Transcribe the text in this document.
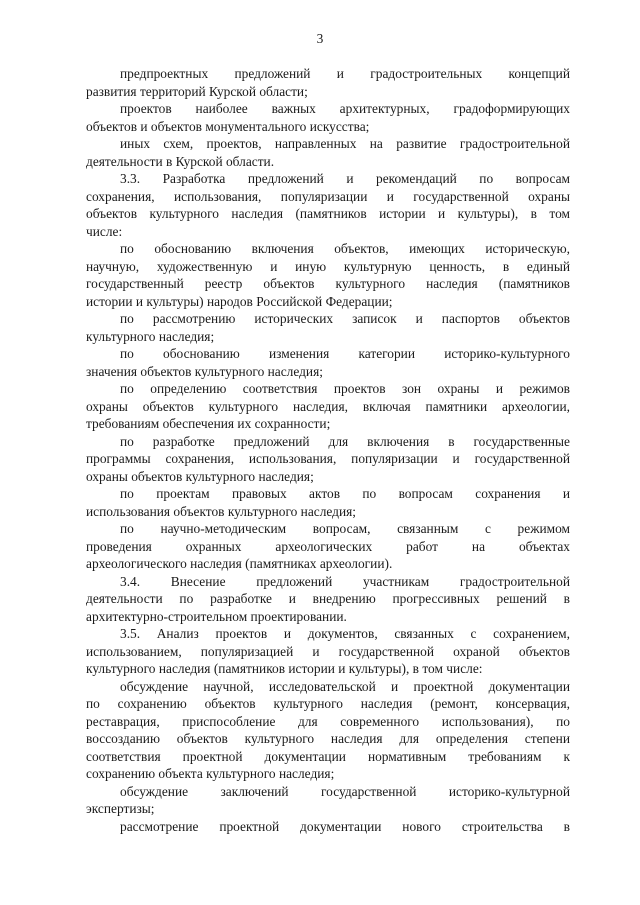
3
предпроектных предложений и градостроительных концепций
развития территорий Курской области;
проектов наиболее важных архитектурных, градоформирующих
объектов и объектов монументального искусства;
иных схем, проектов, направленных на развитие градостроительной
деятельности в Курской области.
3.3. Разработка предложений и рекомендаций по вопросам
сохранения, использования, популяризации и государственной охраны
объектов культурного наследия (памятников истории и культуры), в том
числе:
по обоснованию включения объектов, имеющих историческую,
научную, художественную и иную культурную ценность, в единый
государственный реестр объектов культурного наследия (памятников
истории и культуры) народов Российской Федерации;
по рассмотрению исторических записок и паспортов объектов
культурного наследия;
по обоснованию изменения категории историко-культурного
значения объектов культурного наследия;
по определению соответствия проектов зон охраны и режимов
охраны объектов культурного наследия, включая памятники археологии,
требованиям обеспечения их сохранности;
по разработке предложений для включения в государственные
программы сохранения, использования, популяризации и государственной
охраны объектов культурного наследия;
по проектам правовых актов по вопросам сохранения и
использования объектов культурного наследия;
по научно-методическим вопросам, связанным с режимом
проведения охранных археологических работ на объектах
археологического наследия (памятниках археологии).
3.4. Внесение предложений участникам градостроительной
деятельности по разработке и внедрению прогрессивных решений в
архитектурно-строительном проектировании.
3.5. Анализ проектов и документов, связанных с сохранением,
использованием, популяризацией и государственной охраной объектов
культурного наследия (памятников истории и культуры), в том числе:
обсуждение научной, исследовательской и проектной документации
по сохранению объектов культурного наследия (ремонт, консервация,
реставрация, приспособление для современного использования), по
воссозданию объектов культурного наследия для определения степени
соответствия проектной документации нормативным требованиям к
сохранению объекта культурного наследия;
обсуждение заключений государственной историко-культурной
экспертизы;
рассмотрение проектной документации нового строительства в
